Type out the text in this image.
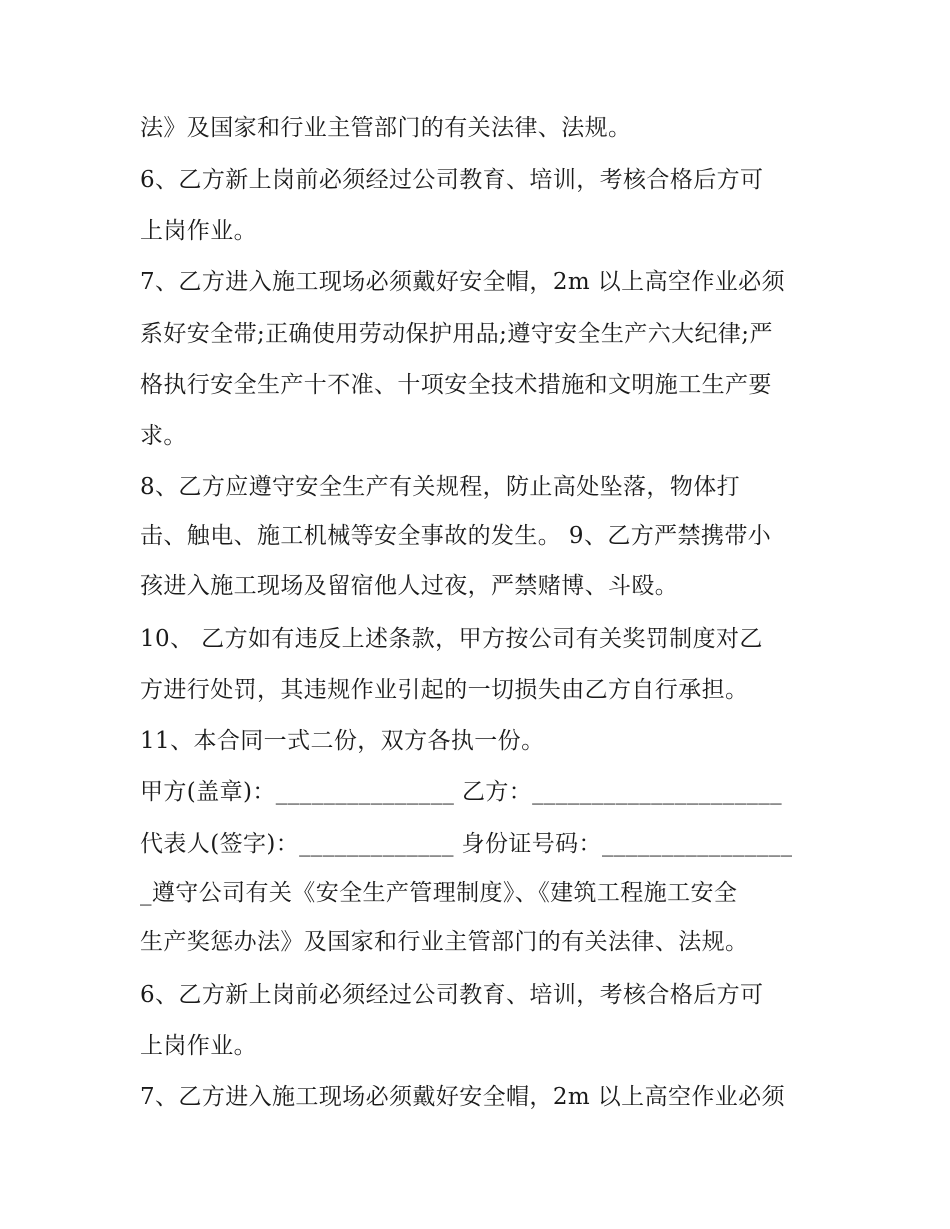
法》及国家和行业主管部门的有关法律、法规。
6、乙方新上岗前必须经过公司教育、培训，考核合格后方可
上岗作业。
7、乙方进入施工现场必须戴好安全帽，2m 以上高空作业必须
系好安全带;正确使用劳动保护用品;遵守安全生产六大纪律;严
格执行安全生产十不准、十项安全技术措施和文明施工生产要
求。
8、乙方应遵守安全生产有关规程，防止高处坠落，物体打
击、触电、施工机械等安全事故的发生。 9、乙方严禁携带小
孩进入施工现场及留宿他人过夜，严禁赌博、斗殴。
10、 乙方如有违反上述条款，甲方按公司有关奖罚制度对乙
方进行处罚，其违规作业引起的一切损失由乙方自行承担。
11、本合同一式二份，双方各执一份。
甲方(盖章)：_______________ 乙方：_____________________
代表人(签字)：_____________ 身份证号码：________________
_遵守公司有关《安全生产管理制度》、《建筑工程施工安全
生产奖惩办法》及国家和行业主管部门的有关法律、法规。
6、乙方新上岗前必须经过公司教育、培训，考核合格后方可
上岗作业。
7、乙方进入施工现场必须戴好安全帽，2m 以上高空作业必须
